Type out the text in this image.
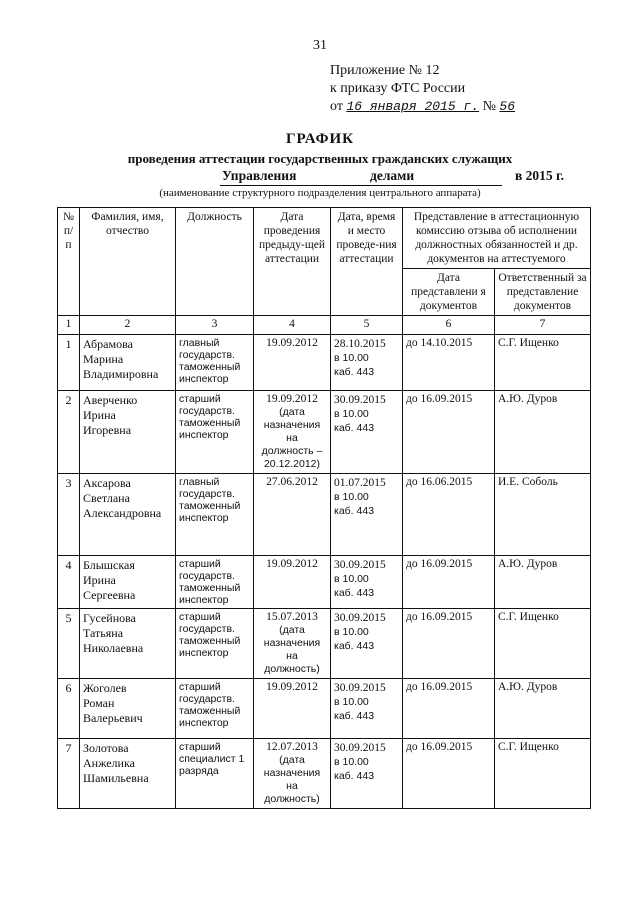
31
Приложение № 12
к приказу ФТС России
от 16 января 2015 г. № 56
ГРАФИК
проведения аттестации государственных гражданских служащих
Управления	делами	в 2015 г.
(наименование структурного подразделения центрального аппарата)
№ п/п	Фамилия, имя, отчество	Должность	Дата проведения предыду-щей аттестации	Дата, время и место проведе-ния аттестации	Представление в аттестационную комиссию отзыва об исполнении должностных обязанностей и др. документов на аттестуемого	
					Дата представлени я документов	Ответственный за представление документов
1	2	3	4	5	6	7
1	Абрамова
Марина
Владимировна	главный
государств.
таможенный
инспектор	19.09.2012	28.10.2015
в 10.00
каб. 443	до 14.10.2015	С.Г. Ищенко
2	Аверченко
Ирина
Игоревна	старший
государств.
таможенный
инспектор	19.09.2012
(дата
назначения на
должность –
20.12.2012)	30.09.2015
в 10.00
каб. 443	до 16.09.2015	А.Ю. Дуров
3	Аксарова
Светлана
Александровна	главный
государств.
таможенный
инспектор	27.06.2012	01.07.2015
в 10.00
каб. 443	до 16.06.2015	И.Е. Соболь
4	Блышская
Ирина
Сергеевна	старший
государств.
таможенный
инспектор	19.09.2012	30.09.2015
в 10.00
каб. 443	до 16.09.2015	А.Ю. Дуров
5	Гусейнова
Татьяна
Николаевна	старший
государств.
таможенный
инспектор	15.07.2013
(дата
назначения на
должность)	30.09.2015
в 10.00
каб. 443	до 16.09.2015	С.Г. Ищенко
6	Жоголев
Роман
Валерьевич	старший
государств.
таможенный
инспектор	19.09.2012	30.09.2015
в 10.00
каб. 443	до 16.09.2015	А.Ю. Дуров
7	Золотова
Анжелика
Шамильевна	старший
специалист 1
разряда	12.07.2013
(дата
назначения на
должность)	30.09.2015
в 10.00
каб. 443	до 16.09.2015	С.Г. Ищенко
